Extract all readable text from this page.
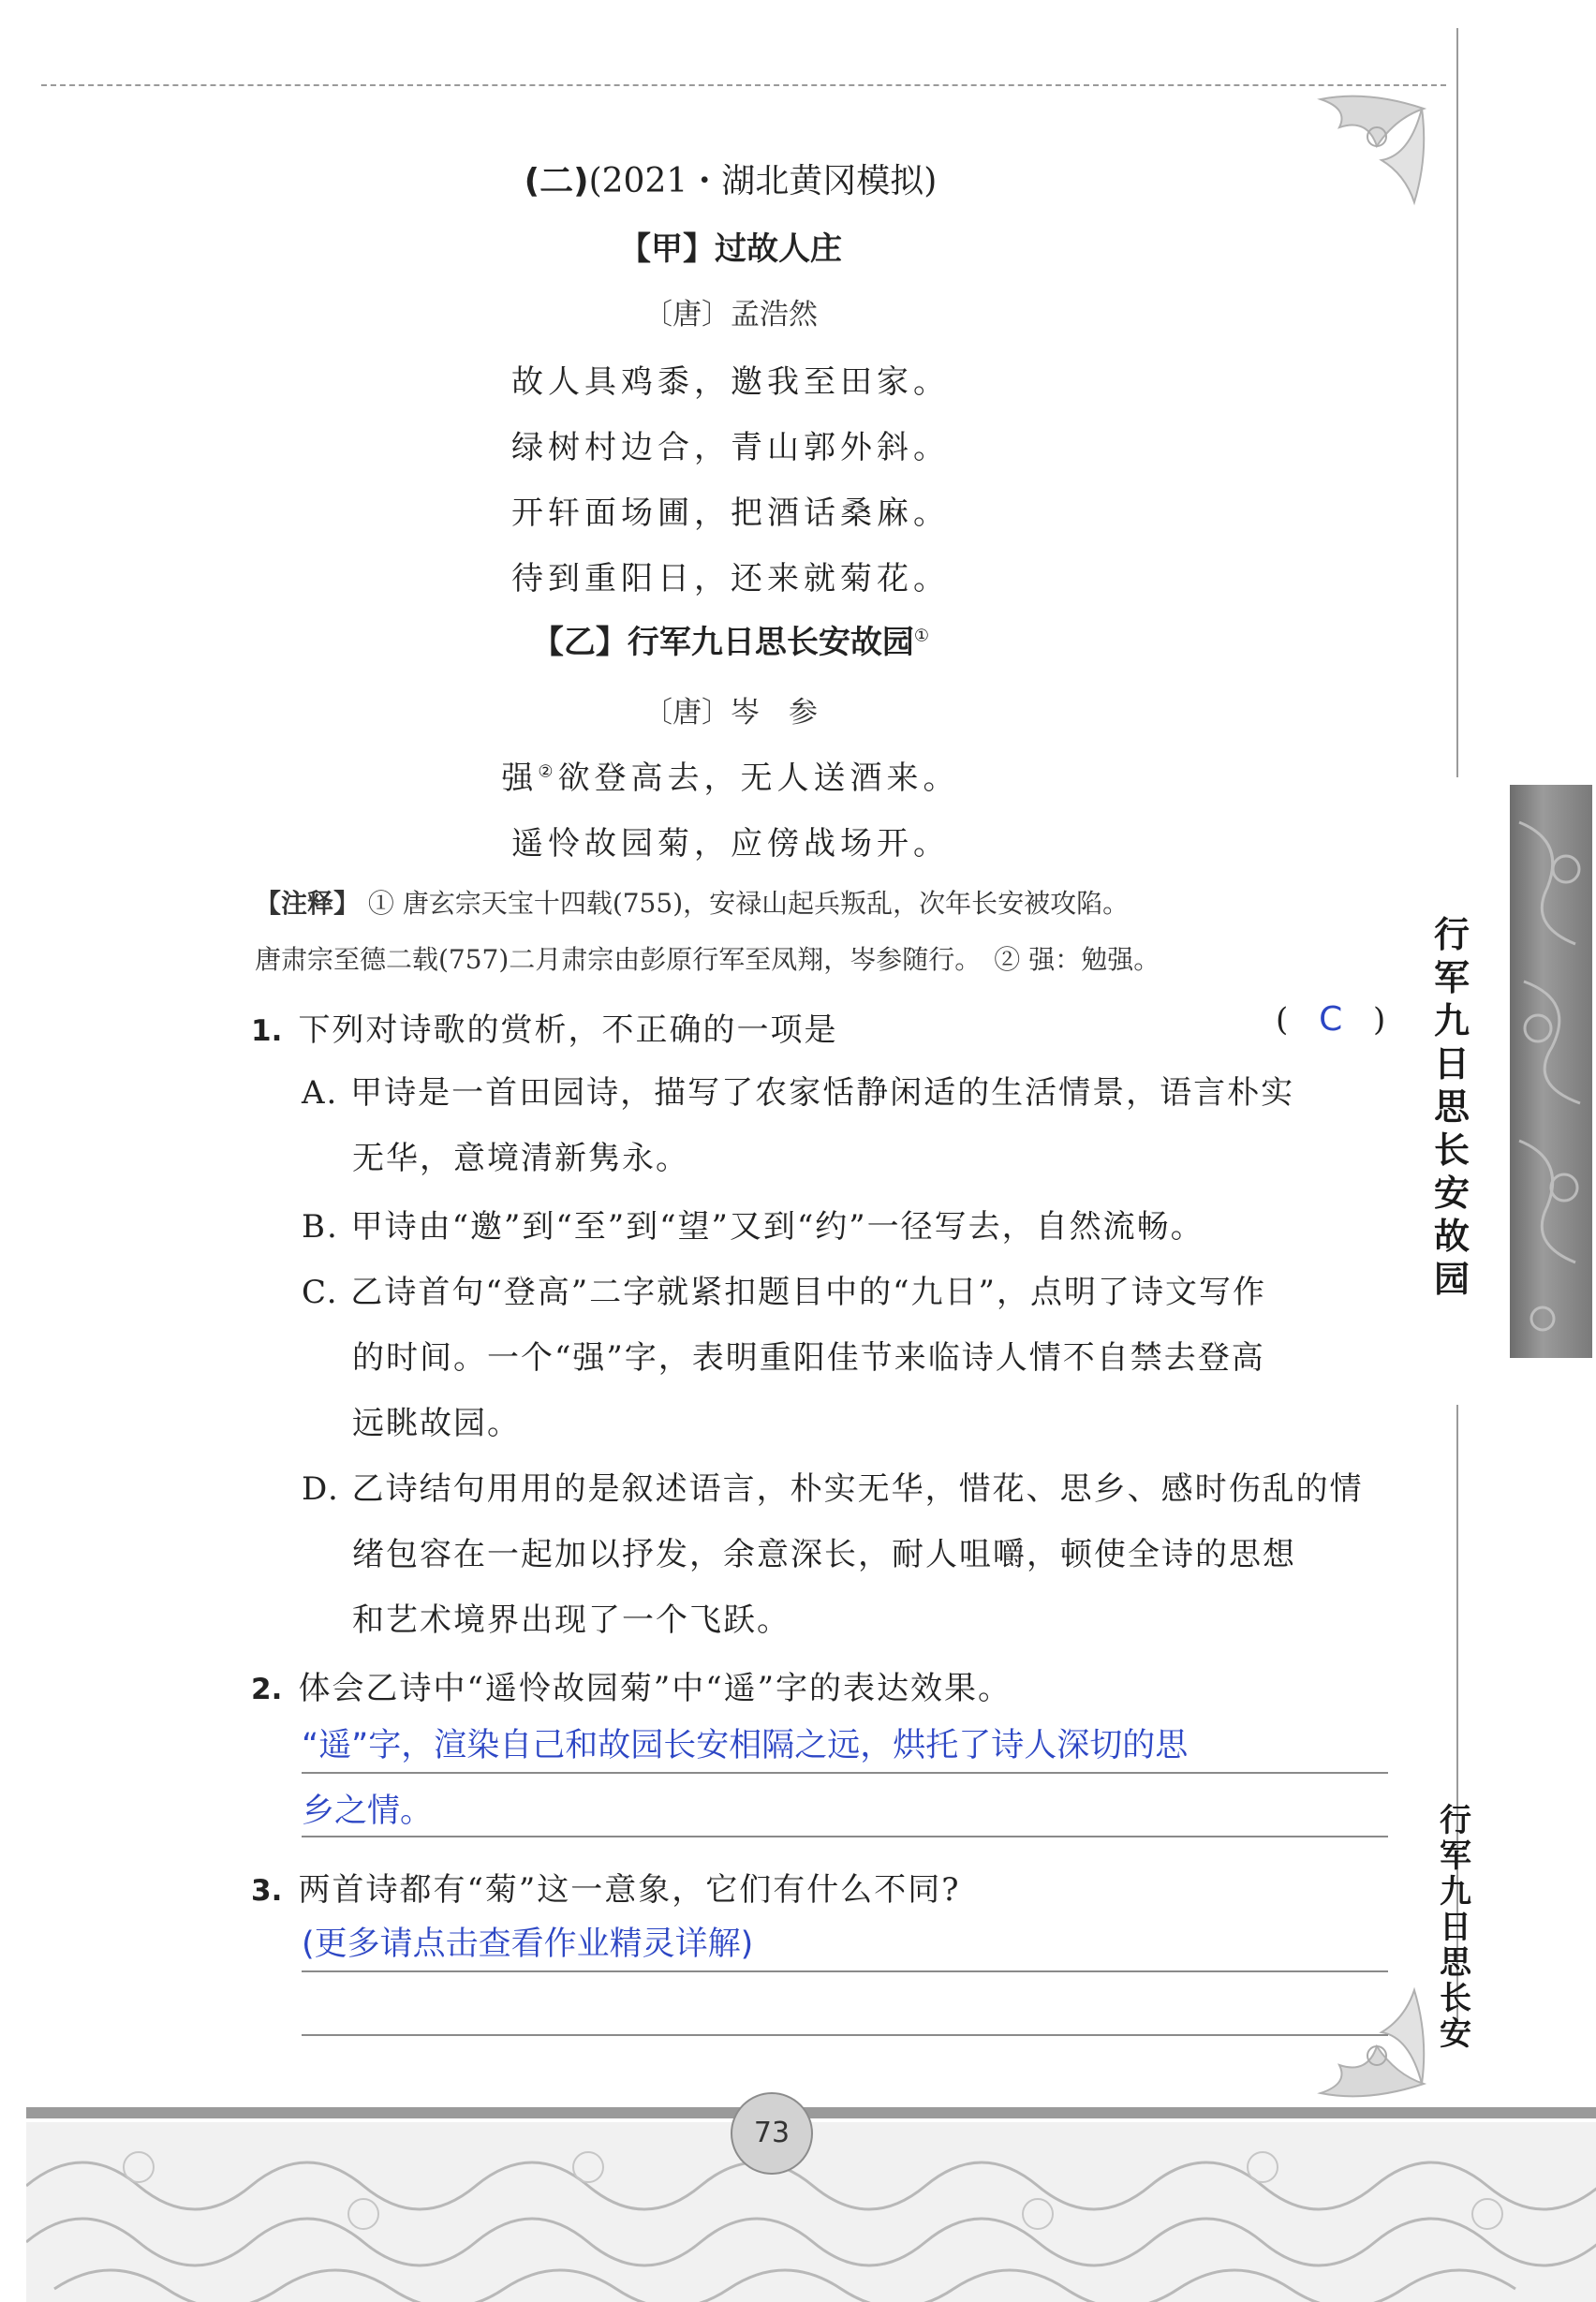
(二)(2021・湖北黄冈模拟)
【甲】过故人庄
〔唐〕孟浩然
故人具鸡黍，邀我至田家。
绿树村边合，青山郭外斜。
开轩面场圃，把酒话桑麻。
待到重阳日，还来就菊花。
【乙】行军九日思长安故园①
〔唐〕岑　参
强②欲登高去，无人送酒来。
遥怜故园菊，应傍战场开。
【注释】 ① 唐玄宗天宝十四载(755)，安禄山起兵叛乱，次年长安被攻陷。
唐肃宗至德二载(757)二月肃宗由彭原行军至凤翔，岑参随行。　② 强：勉强。
1. 下列对诗歌的赏析，不正确的一项是	( C )
A. 甲诗是一首田园诗，描写了农家恬静闲适的生活情景，语言朴实
无华，意境清新隽永。
B. 甲诗由“邀”到“至”到“望”又到“约”一径写去，自然流畅。
C. 乙诗首句“登高”二字就紧扣题目中的“九日”，点明了诗文写作
的时间。一个“强”字，表明重阳佳节来临诗人情不自禁去登高
远眺故园。
D. 乙诗结句用用的是叙述语言，朴实无华，惜花、思乡、感时伤乱的情
绪包容在一起加以抒发，余意深长，耐人咀嚼，顿使全诗的思想
和艺术境界出现了一个飞跃。
2. 体会乙诗中“遥怜故园菊”中“遥”字的表达效果。
“遥”字，渲染自己和故园长安相隔之远，烘托了诗人深切的思
乡之情。
3. 两首诗都有“菊”这一意象，它们有什么不同?
(更多请点击查看作业精灵详解)
行
军
九
日
思
长
安
故
园
行
军
九
日
思
长
安
73
